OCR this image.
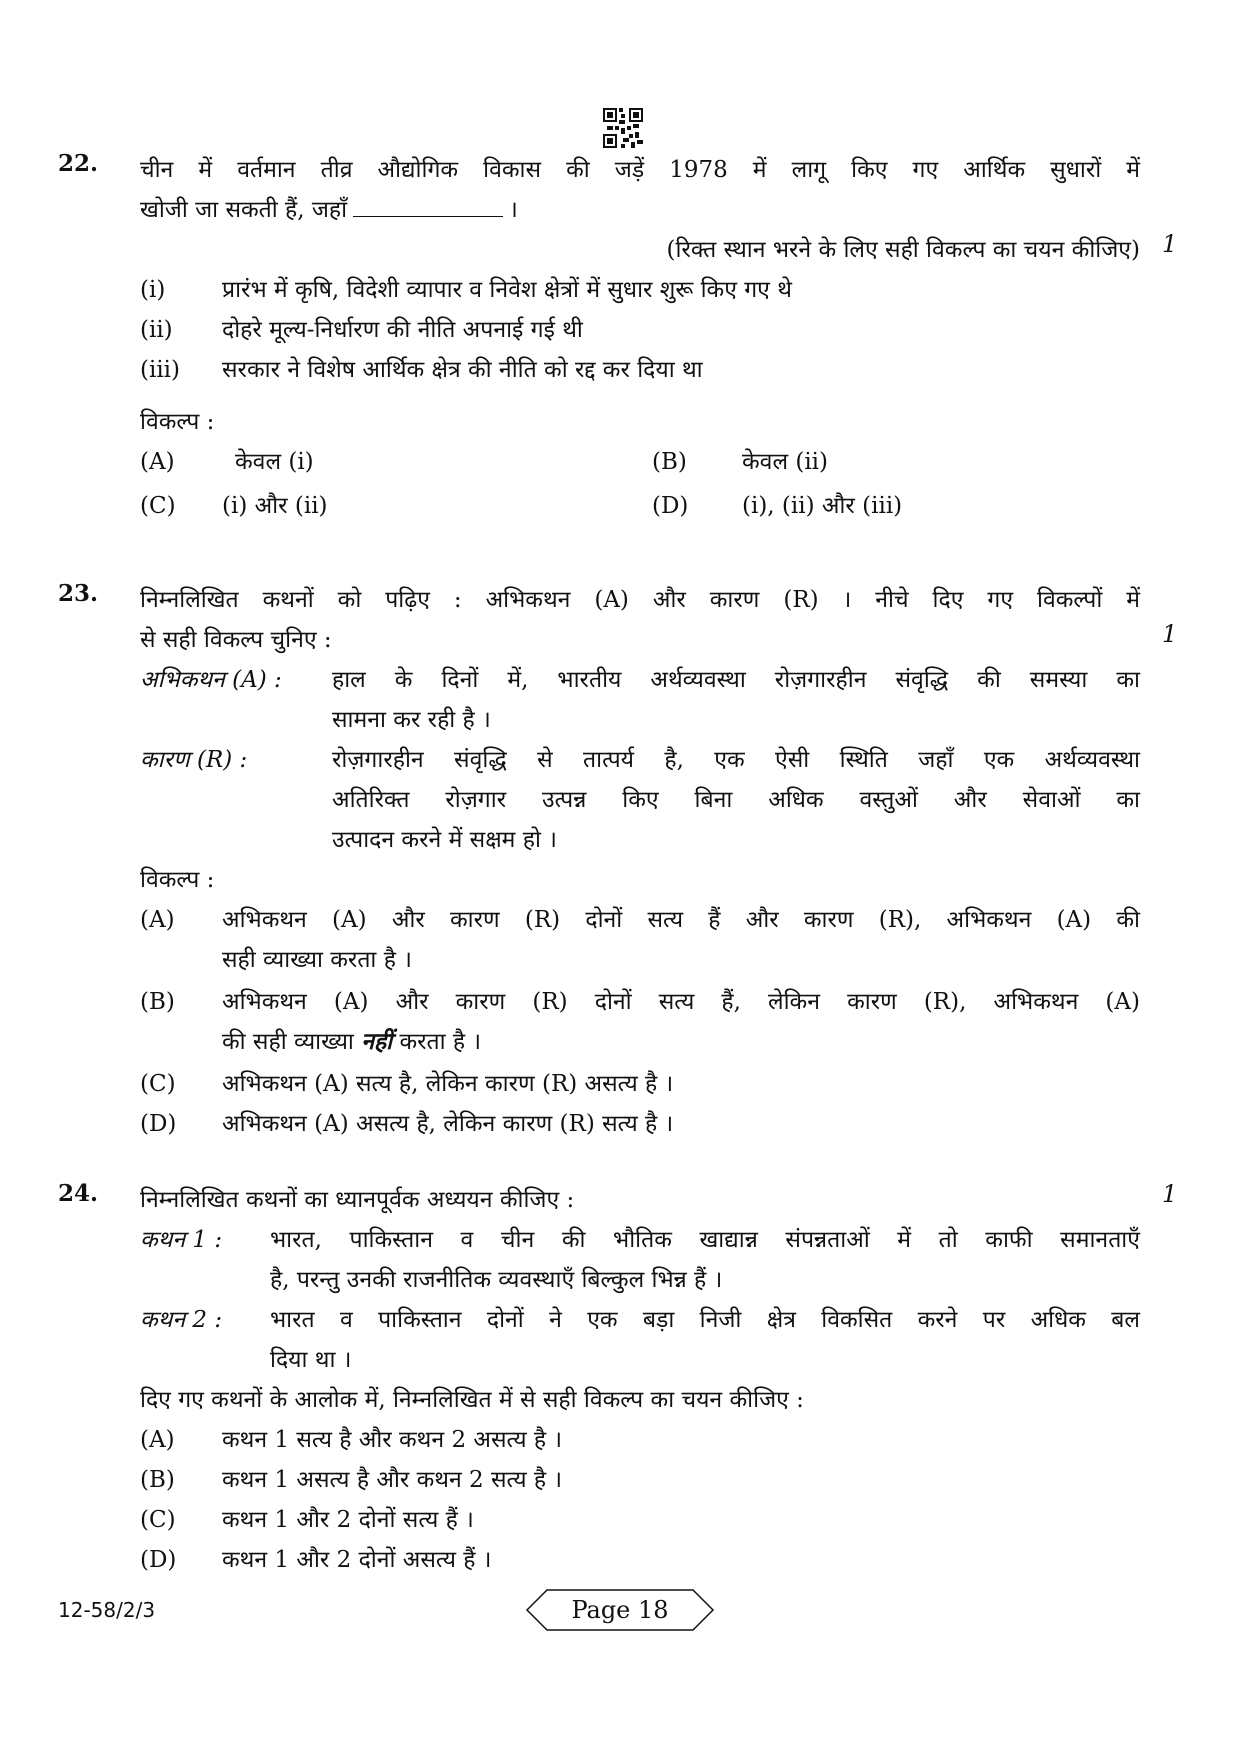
22. चीन में वर्तमान तीव्र औद्योगिक विकास की जड़ें 1978 में लागू किए गए आर्थिक सुधारों में
खोजी जा सकती हैं, जहाँ	।
(रिक्त स्थान भरने के लिए सही विकल्प का चयन कीजिए)
(i) प्रारंभ में कृषि, विदेशी व्यापार व निवेश क्षेत्रों में सुधार शुरू किए गए थे
(ii) दोहरे मूल्य-निर्धारण की नीति अपनाई गई थी
(iii) सरकार ने विशेष आर्थिक क्षेत्र की नीति को रद्द कर दिया था
विकल्प :
(A)	केवल (i)	(B) केवल (ii)
(C) (i) और (ii)	(D) (i), (ii) और (iii)
1
23. निम्नलिखित कथनों को पढ़िए : अभिकथन (A) और कारण (R) । नीचे दिए गए विकल्पों में
से सही विकल्प चुनिए :
अभिकथन (A) : हाल के दिनों में, भारतीय अर्थव्यवस्था रोज़गारहीन संवृद्धि की समस्या का
सामना कर रही है ।
कारण (R) :	रोज़गारहीन संवृद्धि से तात्पर्य है, एक ऐसी स्थिति जहाँ एक अर्थव्यवस्था
अतिरिक्त रोज़गार उत्पन्न किए बिना अधिक वस्तुओं और सेवाओं का
उत्पादन करने में सक्षम हो ।
विकल्प :
(A) अभिकथन (A) और कारण (R) दोनों सत्य हैं और कारण (R), अभिकथन (A) की
सही व्याख्या करता है ।
(B) अभिकथन (A) और कारण (R) दोनों सत्य हैं, लेकिन कारण (R), अभिकथन (A)
की सही व्याख्या नहीं करता है ।
(C) अभिकथन (A) सत्य है, लेकिन कारण (R) असत्य है ।
(D) अभिकथन (A) असत्य है, लेकिन कारण (R) सत्य है ।
1
24. निम्नलिखित कथनों का ध्यानपूर्वक अध्ययन कीजिए :
कथन 1 : भारत, पाकिस्तान व चीन की भौतिक खाद्यान्न संपन्नताओं में तो काफी समानताएँ
है, परन्तु उनकी राजनीतिक व्यवस्थाएँ बिल्कुल भिन्न हैं ।
कथन 2 : भारत व पाकिस्तान दोनों ने एक बड़ा निजी क्षेत्र विकसित करने पर अधिक बल
दिया था ।
दिए गए कथनों के आलोक में, निम्नलिखित में से सही विकल्प का चयन कीजिए :
(A) कथन 1 सत्य है और कथन 2 असत्य है ।
(B) कथन 1 असत्य है और कथन 2 सत्य है ।
(C) कथन 1 और 2 दोनों सत्य हैं ।
(D) कथन 1 और 2 दोनों असत्य हैं ।
1
12-58/2/3	Page 18
